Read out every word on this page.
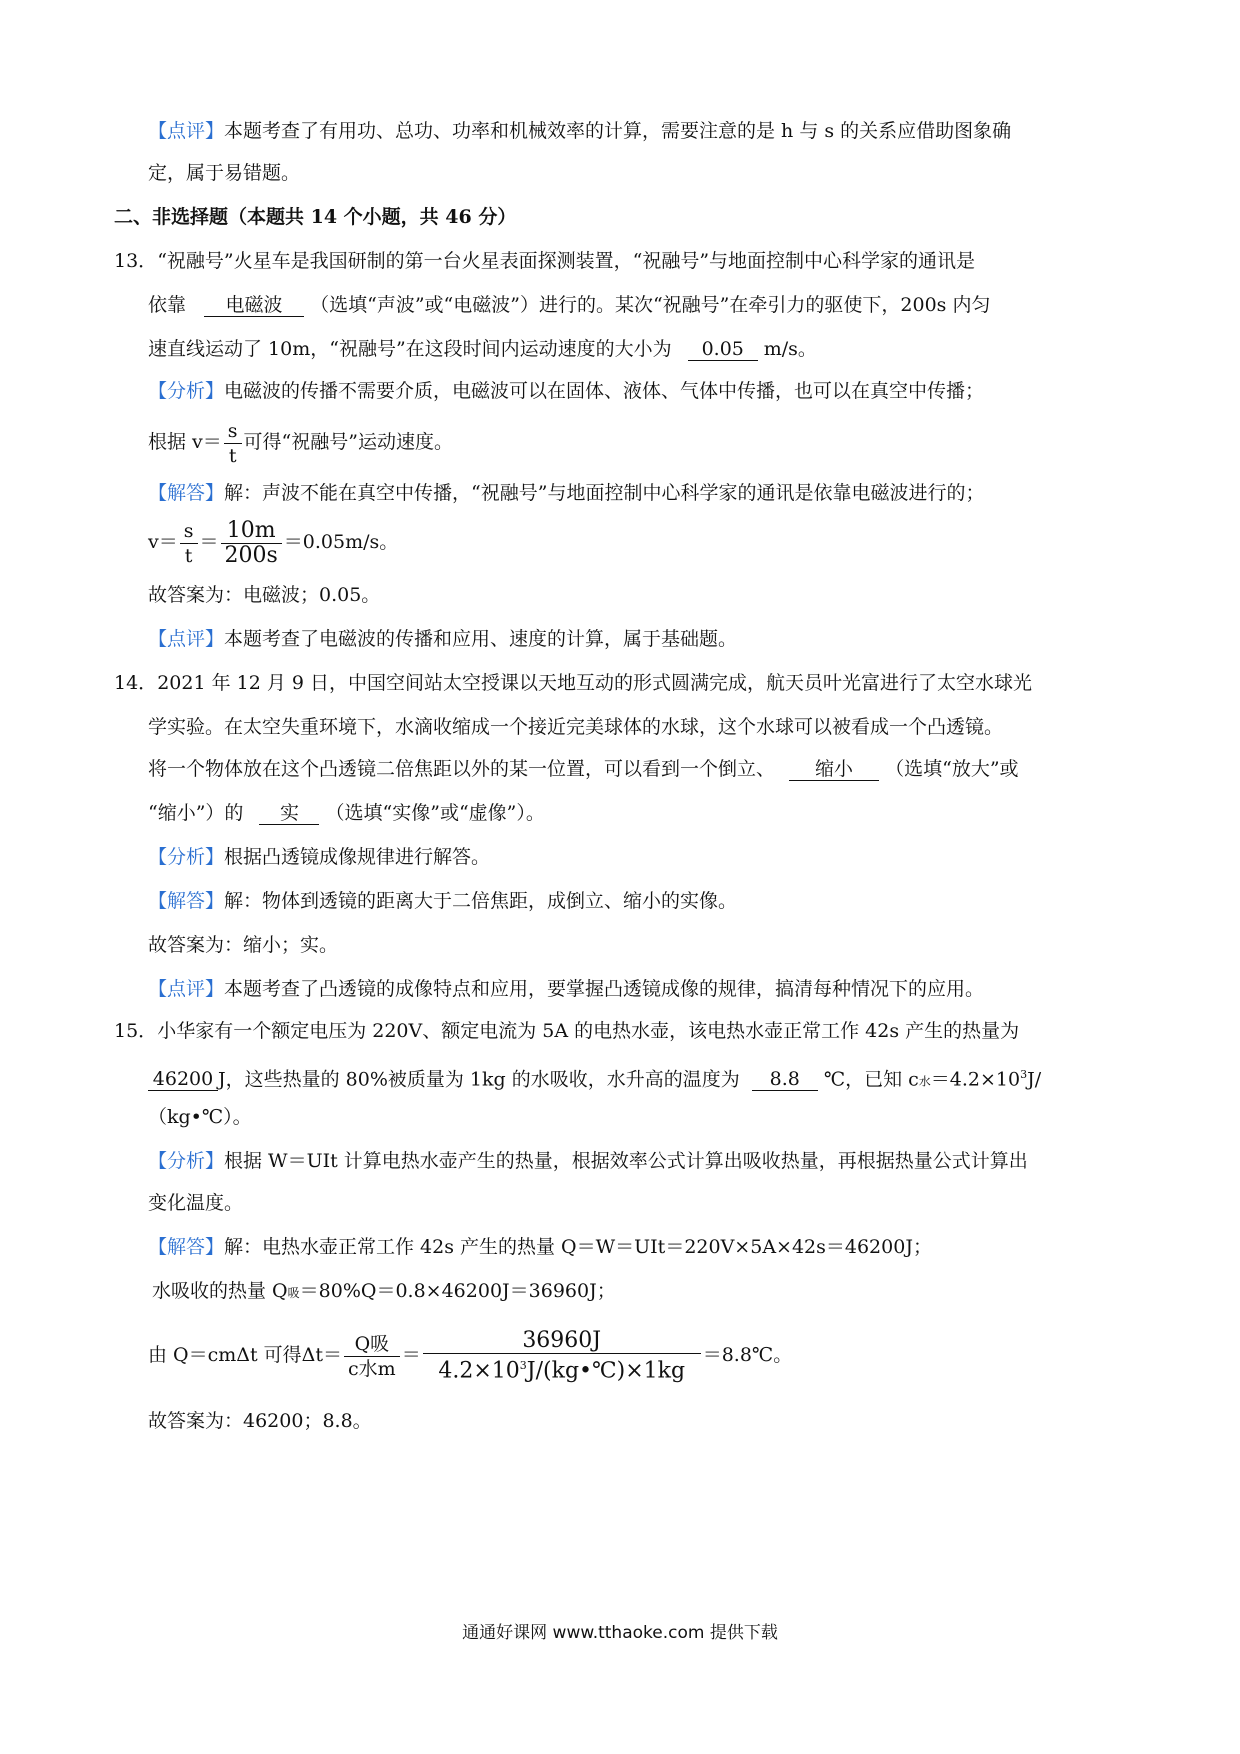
【点评】本题考查了有用功、总功、功率和机械效率的计算，需要注意的是 h 与 s 的关系应借助图象确
定，属于易错题。
二、非选择题（本题共 14 个小题，共 46 分）
13．“祝融号”火星车是我国研制的第一台火星表面探测装置，“祝融号”与地面控制中心科学家的通讯是
依靠 电磁波 （选填“声波”或“电磁波”）进行的。某次“祝融号”在牵引力的驱使下，200s 内匀
速直线运动了 10m，“祝融号”在这段时间内运动速度的大小为 0.05 m/s。
【分析】电磁波的传播不需要介质，电磁波可以在固体、液体、气体中传播，也可以在真空中传播；
根据 $v= \frac{s}{t}$ 可得“祝融号”运动速度。
【解答】解：声波不能在真空中传播，“祝融号”与地面控制中心科学家的通讯是依靠电磁波进行的；
$v= \frac{s}{t} = \frac{10m}{200s} =0.05m/s$。
故答案为：电磁波；0.05。
【点评】本题考查了电磁波的传播和应用、速度的计算，属于基础题。
14．2021 年 12 月 9 日，中国空间站太空授课以天地互动的形式圆满完成，航天员叶光富进行了太空水球光
学实验。在太空失重环境下，水滴收缩成一个接近完美球体的水球，这个水球可以被看成一个凸透镜。
将一个物体放在这个凸透镜二倍焦距以外的某一位置，可以看到一个倒立、 缩小 （选填“放大”或
“缩小”）的 实 （选填“实像”或“虚像”）。
【分析】根据凸透镜成像规律进行解答。
【解答】解：物体到透镜的距离大于二倍焦距，成倒立、缩小的实像。
故答案为：缩小；实。
【点评】本题考查了凸透镜的成像特点和应用，要掌握凸透镜成像的规律，搞清每种情况下的应用。
15．小华家有一个额定电压为 220V、额定电流为 5A 的电热水壶，该电热水壶正常工作 42s 产生的热量为
46200 J，这些热量的 80%被质量为 1kg 的水吸收，水升高的温度为 8.8 ℃，已知 c水$=4.2\times 10^3J/$
（kg•℃）。
【分析】根据 W＝UIt 计算电热水壶产生的热量，根据效率公式计算出吸收热量，再根据热量公式计算出
变化温度。
【解答】解：电热水壶正常工作 42s 产生的热量 Q＝W＝UIt＝220V×5A×42s＝46200J；
水吸收的热量 Q吸＝80%Q＝0.8×46200J＝36960J；
由 Q＝cmΔt 可得$\Delta t= \frac{\text{Q吸}}{\text{c水m}} = \frac{36960J}{4.2\times 10^3J/(kg•℃)\times 1kg}$ ＝8.8℃。
故答案为：46200；8.8。
通通好课网 www.tthaoke.com 提供下载
